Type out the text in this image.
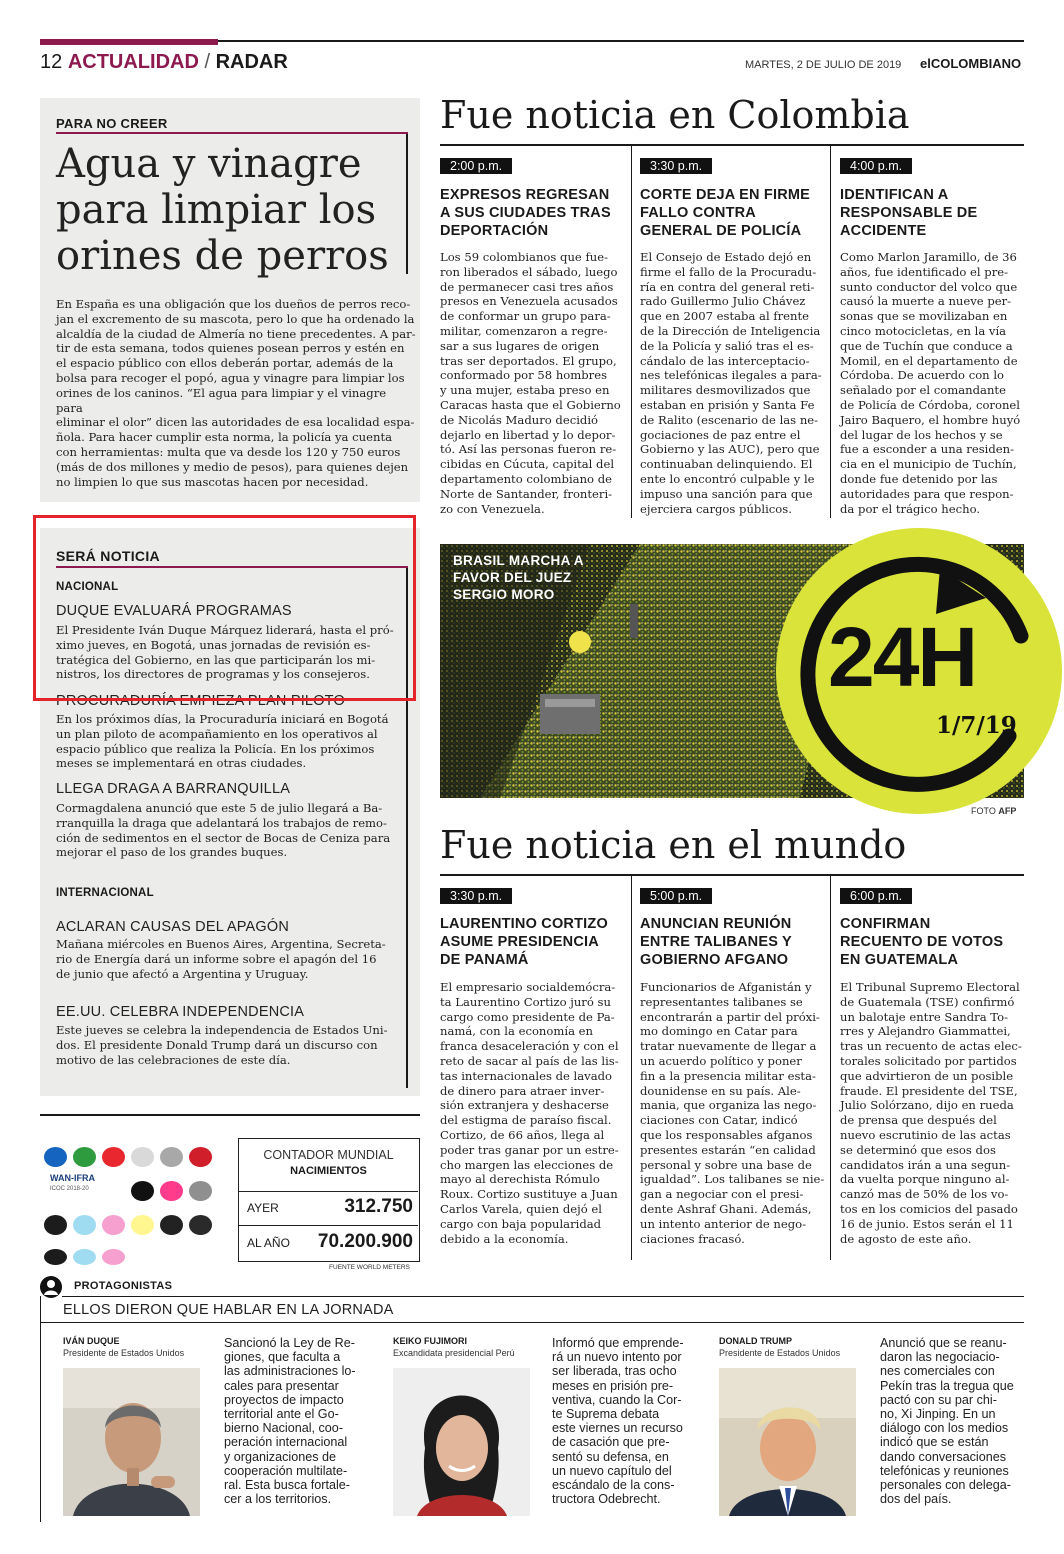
12 ACTUALIDAD / RADAR	MARTES, 2 DE JULIO DE 2019 elCOLOMBIANO
PARA NO CREER
Agua y vinagre
para limpiar los
orines de perros
En España es una obligación que los dueños de perros reco-
jan el excremento de su mascota, pero lo que ha ordenado la
alcaldía de la ciudad de Almería no tiene precedentes. A par-
tir de esta semana, todos quienes posean perros y estén en
el espacio público con ellos deberán portar, además de la
bolsa para recoger el popó, agua y vinagre para limpiar los
orines de los caninos. “El agua para limpiar y el vinagre para
eliminar el olor” dicen las autoridades de esa localidad espa-
ñola. Para hacer cumplir esta norma, la policía ya cuenta
con herramientas: multa que va desde los 120 y 750 euros
(más de dos millones y medio de pesos), para quienes dejen
no limpien lo que sus mascotas hacen por necesidad.
SERÁ NOTICIA
NACIONAL
DUQUE EVALUARÁ PROGRAMAS
El Presidente Iván Duque Márquez liderará, hasta el pró-
ximo jueves, en Bogotá, unas jornadas de revisión es-
tratégica del Gobierno, en las que participarán los mi-
nistros, los directores de programas y los consejeros.
PROCURADURÍA EMPIEZA PLAN PILOTO
En los próximos días, la Procuraduría iniciará en Bogotá
un plan piloto de acompañamiento en los operativos al
espacio público que realiza la Policía. En los próximos
meses se implementará en otras ciudades.
LLEGA DRAGA A BARRANQUILLA
Cormagdalena anunció que este 5 de julio llegará a Ba-
rranquilla la draga que adelantará los trabajos de remo-
ción de sedimentos en el sector de Bocas de Ceniza para
mejorar el paso de los grandes buques.
INTERNACIONAL
ACLARAN CAUSAS DEL APAGÓN
Mañana miércoles en Buenos Aires, Argentina, Secreta-
rio de Energía dará un informe sobre el apagón del 16
de junio que afectó a Argentina y Uruguay.
EE.UU. CELEBRA INDEPENDENCIA
Este jueves se celebra la independencia de Estados Uni-
dos. El presidente Donald Trump dará un discurso con
motivo de las celebraciones de este día.
Fue noticia en Colombia
2:00 p.m.
EXPRESOS REGRESAN
A SUS CIUDADES TRAS
DEPORTACIÓN
Los 59 colombianos que fue-
ron liberados el sábado, luego
de permanecer casi tres años
presos en Venezuela acusados
de conformar un grupo para-
militar, comenzaron a regre-
sar a sus lugares de origen
tras ser deportados. El grupo,
conformado por 58 hombres
y una mujer, estaba preso en
Caracas hasta que el Gobierno
de Nicolás Maduro decidió
dejarlo en libertad y lo depor-
tó. Así las personas fueron re-
cibidas en Cúcuta, capital del
departamento colombiano de
Norte de Santander, fronteri-
zo con Venezuela.
3:30 p.m.
CORTE DEJA EN FIRME
FALLO CONTRA
GENERAL DE POLICÍA
El Consejo de Estado dejó en
firme el fallo de la Procuradu-
ría en contra del general reti-
rado Guillermo Julio Chávez
que en 2007 estaba al frente
de la Dirección de Inteligencia
de la Policía y salió tras el es-
cándalo de las interceptacio-
nes telefónicas ilegales a para-
militares desmovilizados que
estaban en prisión y Santa Fe
de Ralito (escenario de las ne-
gociaciones de paz entre el
Gobierno y las AUC), pero que
continuaban delinquiendo. El
ente lo encontró culpable y le
impuso una sanción para que
ejerciera cargos públicos.
4:00 p.m.
IDENTIFICAN A
RESPONSABLE DE
ACCIDENTE
Como Marlon Jaramillo, de 36
años, fue identificado el pre-
sunto conductor del volco que
causó la muerte a nueve per-
sonas que se movilizaban en
cinco motocicletas, en la vía
que de Tuchín que conduce a
Momil, en el departamento de
Córdoba. De acuerdo con lo
señalado por el comandante
de Policía de Córdoba, coronel
Jairo Baquero, el hombre huyó
del lugar de los hechos y se
fue a esconder a una residen-
cia en el municipio de Tuchín,
donde fue detenido por las
autoridades para que respon-
da por el trágico hecho.
BRASIL MARCHA A
FAVOR DEL JUEZ
SERGIO MORO
24H
1/7/19
FOTO AFP
Fue noticia en el mundo
3:30 p.m.
LAURENTINO CORTIZO
ASUME PRESIDENCIA
DE PANAMÁ
El empresario socialdemócra-
ta Laurentino Cortizo juró su
cargo como presidente de Pa-
namá, con la economía en
franca desaceleración y con el
reto de sacar al país de las lis-
tas internacionales de lavado
de dinero para atraer inver-
sión extranjera y deshacerse
del estigma de paraíso fiscal.
Cortizo, de 66 años, llega al
poder tras ganar por un estre-
cho margen las elecciones de
mayo al derechista Rómulo
Roux. Cortizo sustituye a Juan
Carlos Varela, quien dejó el
cargo con baja popularidad
debido a la economía.
5:00 p.m.
ANUNCIAN REUNIÓN
ENTRE TALIBANES Y
GOBIERNO AFGANO
Funcionarios de Afganistán y
representantes talibanes se
encontrarán a partir del próxi-
mo domingo en Catar para
tratar nuevamente de llegar a
un acuerdo político y poner
fin a la presencia militar esta-
dounidense en su país. Ale-
mania, que organiza las nego-
ciaciones con Catar, indicó
que los responsables afganos
presentes estarán “en calidad
personal y sobre una base de
igualdad”. Los talibanes se nie-
gan a negociar con el presi-
dente Ashraf Ghani. Además,
un intento anterior de nego-
ciaciones fracasó.
6:00 p.m.
CONFIRMAN
RECUENTO DE VOTOS
EN GUATEMALA
El Tribunal Supremo Electoral
de Guatemala (TSE) confirmó
un balotaje entre Sandra To-
rres y Alejandro Giammattei,
tras un recuento de actas elec-
torales solicitado por partidos
que advirtieron de un posible
fraude. El presidente del TSE,
Julio Solórzano, dijo en rueda
de prensa que después del
nuevo escrutinio de las actas
se determinó que esos dos
candidatos irán a una segun-
da vuelta porque ninguno al-
canzó mas de 50% de los vo-
tos en los comicios del pasado
16 de junio. Estos serán el 11
de agosto de este año.
WAN-IFRA
ICOC 2018-20
CONTADOR MUNDIAL
NACIMIENTOS
AYER	312.750
AL AÑO 70.200.900
FUENTE WORLD METERS
PROTAGONISTAS
ELLOS DIERON QUE HABLAR EN LA JORNADA
IVÁN DUQUE
Presidente de Estados Unidos
Sancionó la Ley de Re-
giones, que faculta a
las administraciones lo-
cales para presentar
proyectos de impacto
territorial ante el Go-
bierno Nacional, coo-
peración internacional
y organizaciones de
cooperación multilate-
ral. Esta busca fortale-
cer a los territorios.
KEIKO FUJIMORI
Excandidata presidencial Perú
Informó que emprende-
rá un nuevo intento por
ser liberada, tras ocho
meses en prisión pre-
ventiva, cuando la Cor-
te Suprema debata
este viernes un recurso
de casación que pre-
sentó su defensa, en
un nuevo capítulo del
escándalo de la cons-
tructora Odebrecht.
DONALD TRUMP
Presidente de Estados Unidos
Anunció que se reanu-
daron las negociacio-
nes comerciales con
Pekín tras la tregua que
pactó con su par chi-
no, Xi Jinping. En un
diálogo con los medios
indicó que se están
dando conversaciones
telefónicas y reuniones
personales con delega-
dos del país.
